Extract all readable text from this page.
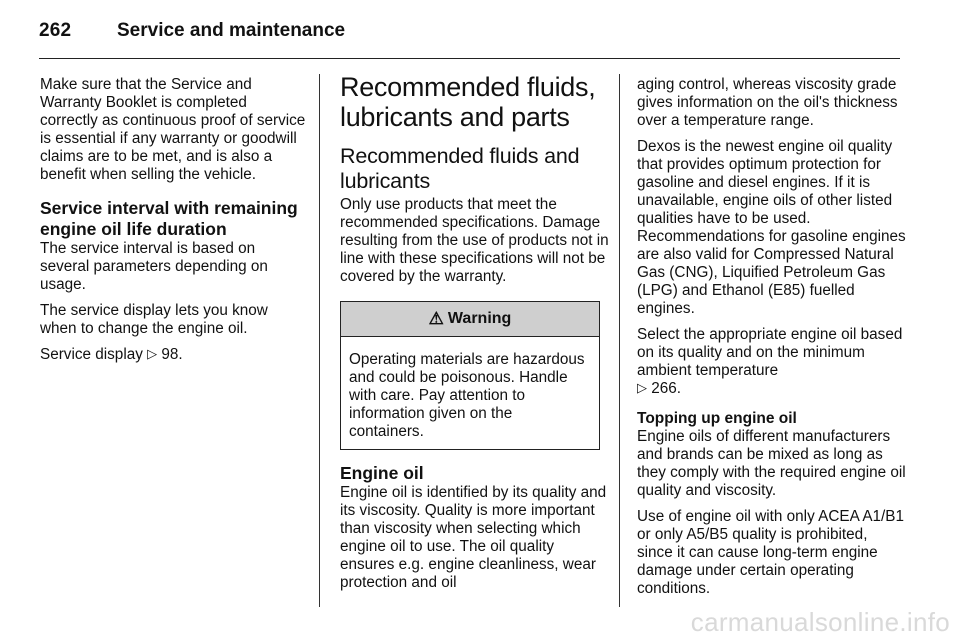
262 Service and maintenance

Make sure that the Service and Warranty Booklet is completed correctly as continuous proof of service is essential if any warranty or goodwill claims are to be met, and is also a benefit when selling the vehicle.

Service interval with remaining engine oil life duration

The service interval is based on several parameters depending on usage.

The service display lets you know when to change the engine oil.

Service display ▷ 98.

Recommended fluids, lubricants and parts
Recommended fluids and lubricants

Only use products that meet the recommended specifications. Damage resulting from the use of products not in line with these specifications will not be covered by the warranty.

⚠ Warning

Operating materials are hazardous and could be poisonous. Handle with care. Pay attention to information given on the containers.

Engine oil

Engine oil is identified by its quality and its viscosity. Quality is more important than viscosity when selecting which engine oil to use. The oil quality ensures e.g. engine cleanliness, wear protection and oil

aging control, whereas viscosity grade gives information on the oil's thickness over a temperature range.

Dexos is the newest engine oil quality that provides optimum protection for gasoline and diesel engines. If it is unavailable, engine oils of other listed qualities have to be used. Recommendations for gasoline engines are also valid for Compressed Natural Gas (CNG), Liquified Petroleum Gas (LPG) and Ethanol (E85) fuelled engines.

Select the appropriate engine oil based on its quality and on the minimum ambient temperature
▷ 266.

Topping up engine oil

Engine oils of different manufacturers and brands can be mixed as long as they comply with the required engine oil quality and viscosity.

Use of engine oil with only ACEA A1/B1 or only A5/B5 quality is prohibited, since it can cause long-term engine damage under certain operating conditions.

carmanualsonline.info
